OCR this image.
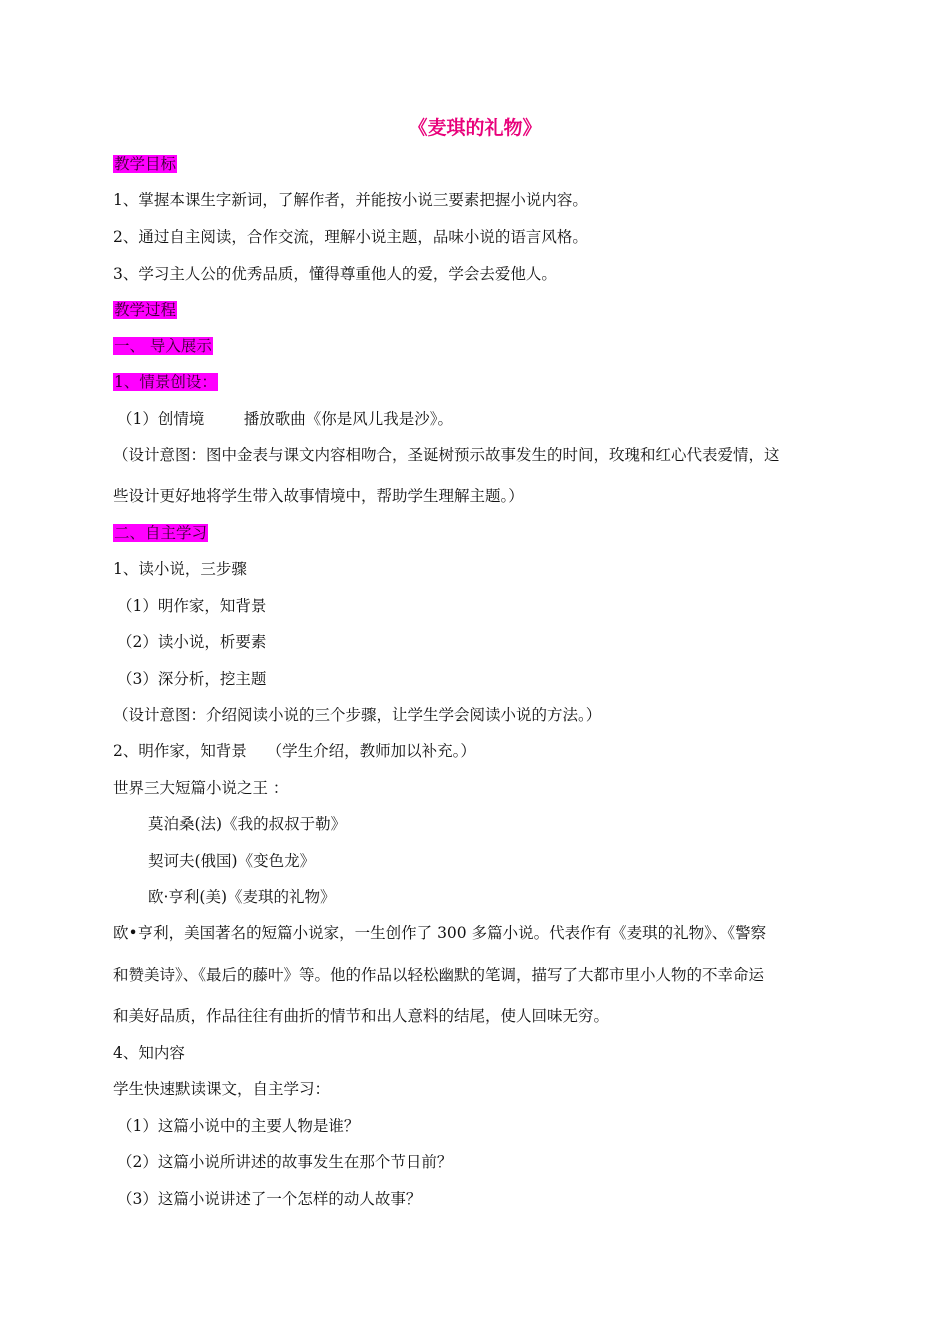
《麦琪的礼物》
教学目标
1、掌握本课生字新词，了解作者，并能按小说三要素把握小说内容。
2、通过自主阅读，合作交流，理解小说主题，品味小说的语言风格。
3、学习主人公的优秀品质，懂得尊重他人的爱，学会去爱他人。
教学过程
一、 导入展示
1、情景创设：
（1）创情境        播放歌曲《你是风儿我是沙》。
（设计意图：图中金表与课文内容相吻合，圣诞树预示故事发生的时间，玫瑰和红心代表爱情，这
些设计更好地将学生带入故事情境中，帮助学生理解主题。）
二、自主学习
1、读小说，三步骤
（1）明作家，知背景
（2）读小说，析要素
（3）深分析，挖主题
（设计意图：介绍阅读小说的三个步骤，让学生学会阅读小说的方法。）
2、明作家，知背景    （学生介绍，教师加以补充。）
世界三大短篇小说之王 ：
莫泊桑(法)《我的叔叔于勒》
契诃夫(俄国)《变色龙》
欧·亨利(美)《麦琪的礼物》
欧•亨利，美国著名的短篇小说家，一生创作了 300 多篇小说。代表作有《麦琪的礼物》、《警察
和赞美诗》、《最后的藤叶》等。他的作品以轻松幽默的笔调，描写了大都市里小人物的不幸命运
和美好品质，作品往往有曲折的情节和出人意料的结尾，使人回味无穷。
4、知内容
学生快速默读课文，自主学习：
（1）这篇小说中的主要人物是谁？
（2）这篇小说所讲述的故事发生在那个节日前？
（3）这篇小说讲述了一个怎样的动人故事？
